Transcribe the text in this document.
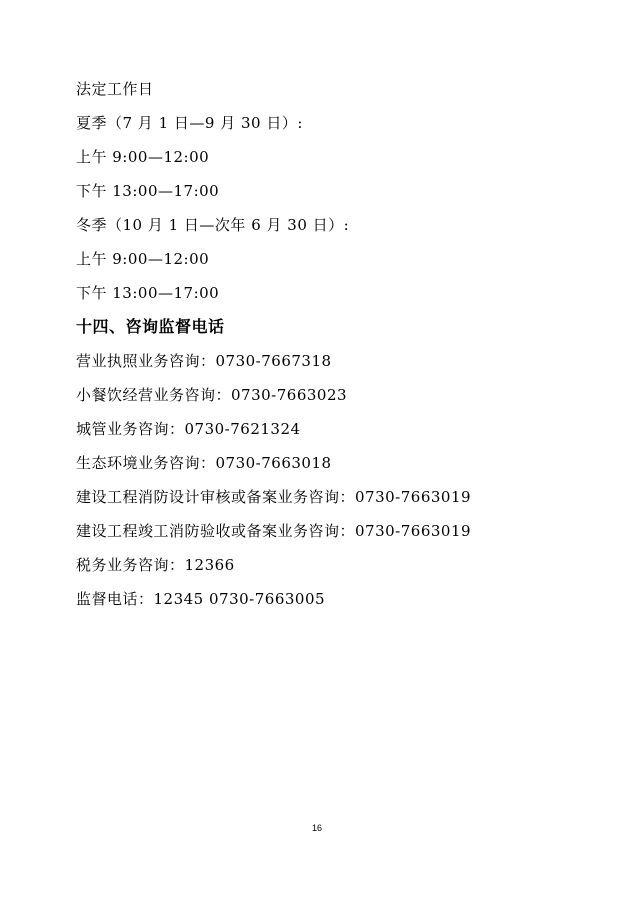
法定工作日
夏季（7 月 1 日—9 月 30 日）:
上午 9:00—12:00
下午 13:00—17:00
冬季（10 月 1 日—次年 6 月 30 日）:
上午 9:00—12:00
下午 13:00—17:00
十四、咨询监督电话
营业执照业务咨询：0730-7667318
小餐饮经营业务咨询：0730-7663023
城管业务咨询：0730-7621324
生态环境业务咨询：0730-7663018
建设工程消防设计审核或备案业务咨询：0730-7663019
建设工程竣工消防验收或备案业务咨询：0730-7663019
税务业务咨询：12366
监督电话：12345 0730-7663005
16
